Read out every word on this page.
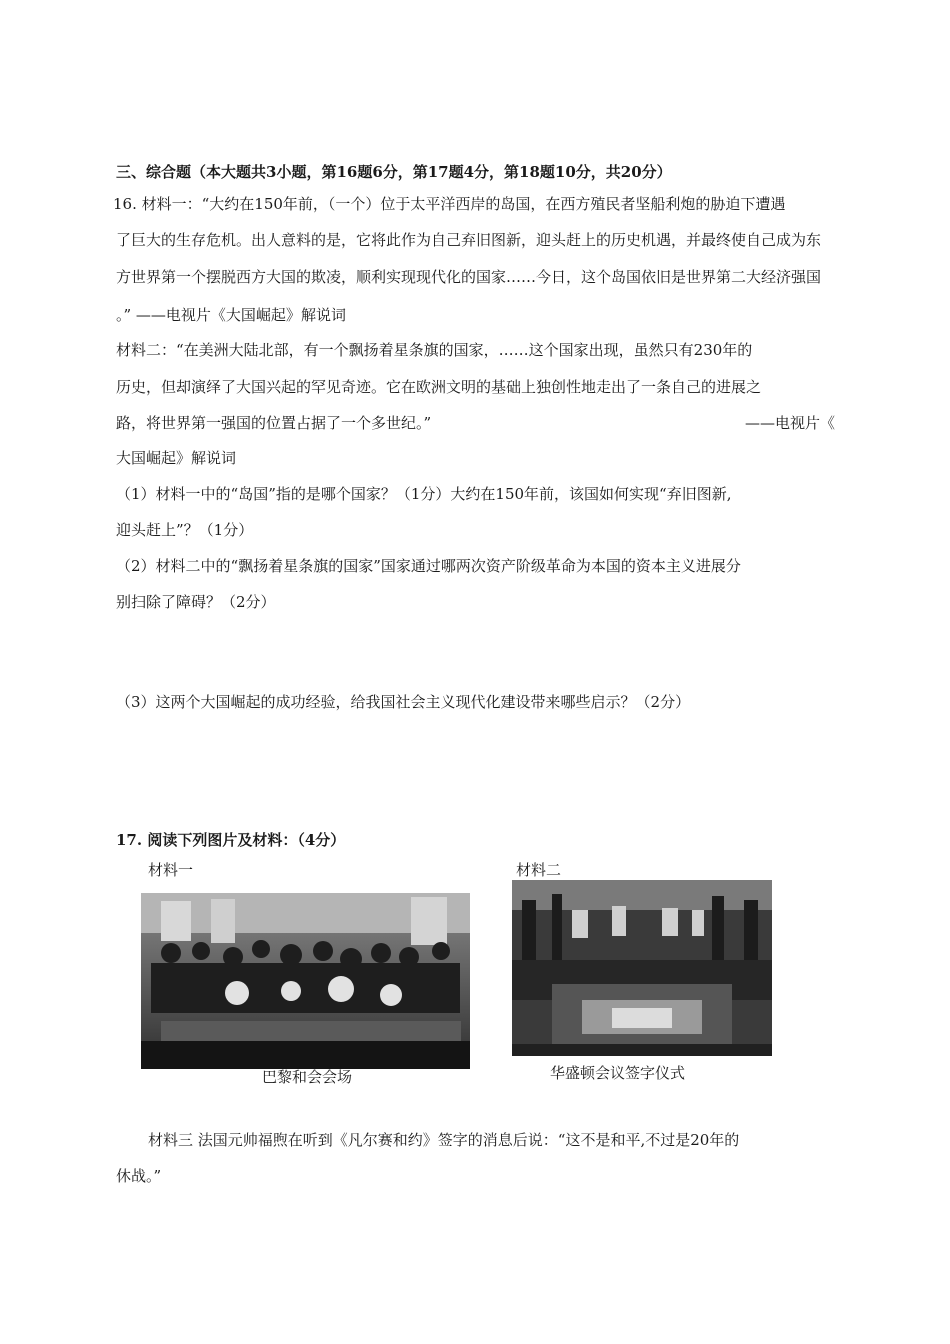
三、综合题（本大题共3小题，第16题6分，第17题4分，第18题10分，共20分）
16. 材料一：“大约在150年前，（一个）位于太平洋西岸的岛国，在西方殖民者坚船利炮的胁迫下遭遇
了巨大的生存危机。出人意料的是，它将此作为自己弃旧图新，迎头赶上的历史机遇，并最终使自己成为东
方世界第一个摆脱西方大国的欺凌，顺利实现现代化的国家……今日，这个岛国依旧是世界第二大经济强国
。” ——电视片《大国崛起》解说词
材料二：“在美洲大陆北部，有一个飘扬着星条旗的国家，……这个国家出现，虽然只有230年的
历史，但却演绎了大国兴起的罕见奇迹。它在欧洲文明的基础上独创性地走出了一条自己的进展之
路，将世界第一强国的位置占据了一个多世纪。”	——电视片《
大国崛起》解说词
（1）材料一中的“岛国”指的是哪个国家？（1分）大约在150年前，该国如何实现“弃旧图新,
迎头赶上”？（1分）
（2）材料二中的“飘扬着星条旗的国家”国家通过哪两次资产阶级革命为本国的资本主义进展分
别扫除了障碍？（2分）
（3）这两个大国崛起的成功经验，给我国社会主义现代化建设带来哪些启示？（2分）
17. 阅读下列图片及材料：（4分）
材料一	材料二
巴黎和会会场	华盛顿会议签字仪式
材料三 法国元帅福煦在听到《凡尔赛和约》签字的消息后说：“这不是和平,不过是20年的
休战。”
